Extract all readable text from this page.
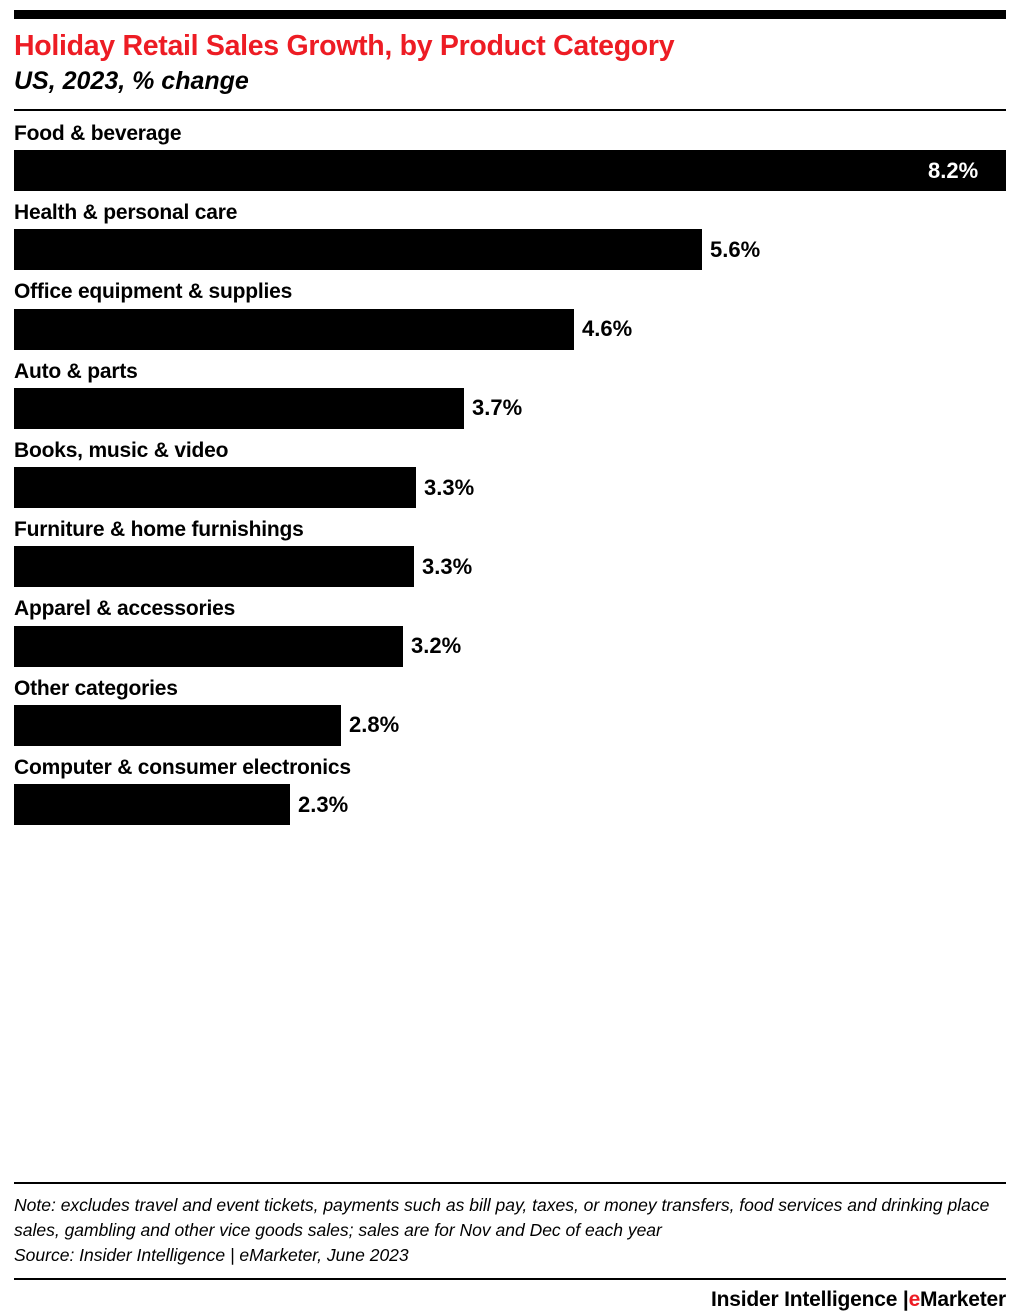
Holiday Retail Sales Growth, by Product Category
US, 2023, % change
Food & beverage
8.2%
Health & personal care
5.6%
Office equipment & supplies
4.6%
Auto & parts
3.7%
Books, music & video
3.3%
Furniture & home furnishings
3.3%
Apparel & accessories
3.2%
Other categories
2.8%
Computer & consumer electronics
2.3%
Note: excludes travel and event tickets, payments such as bill pay, taxes, or money transfers, food services and drinking place sales, gambling and other vice goods sales; sales are for Nov and Dec of each year
Source: Insider Intelligence | eMarketer, June 2023
Insider Intelligence |eMarketer
